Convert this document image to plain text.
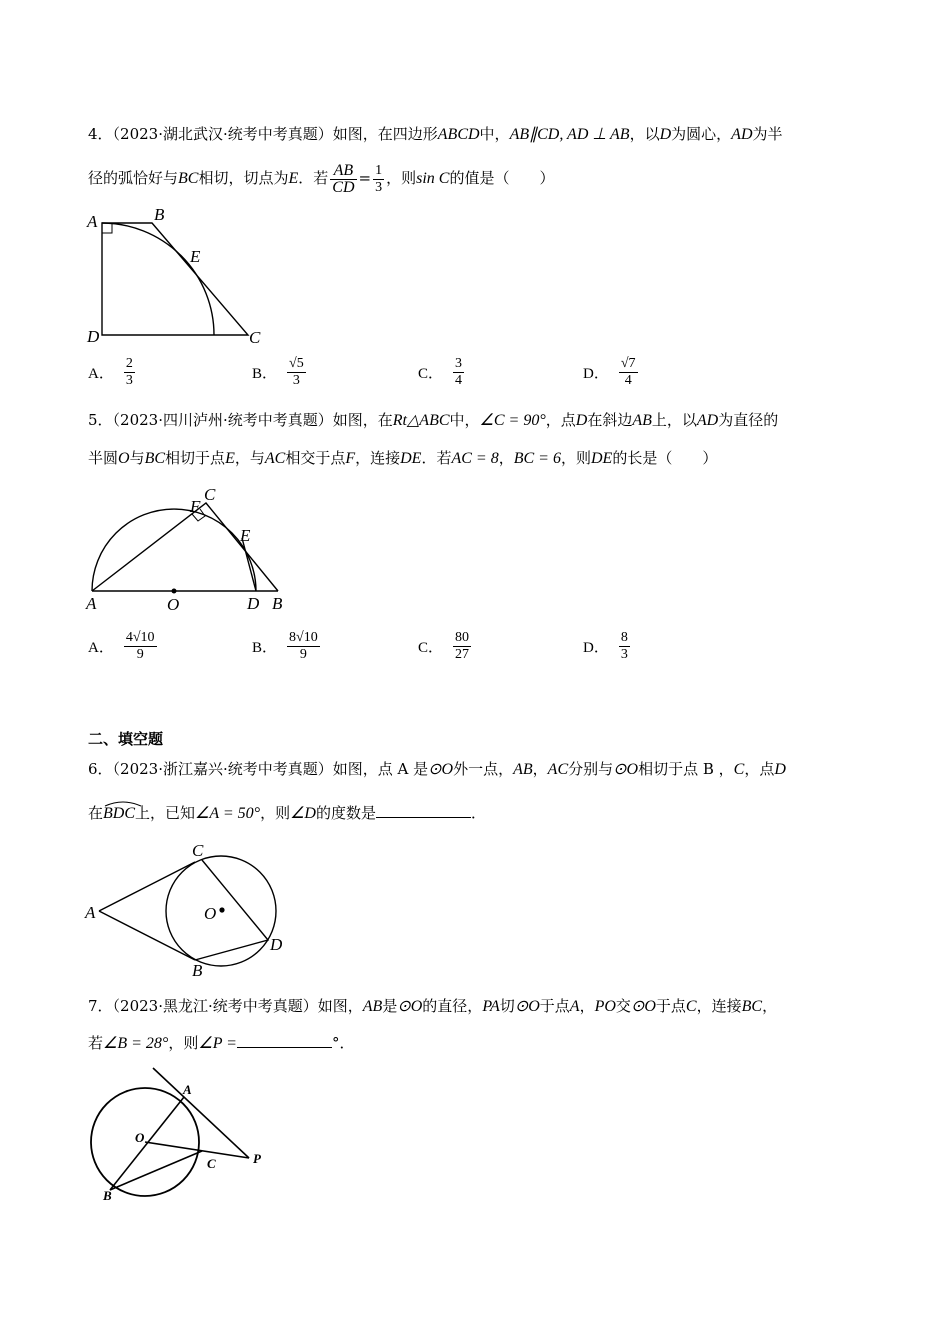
4．（2023·湖北武汉·统考中考真题）如图，在四边形ABCD中，AB∥CD, AD ⊥ AB，以D为圆心，AD为半
径的弧恰好与BC相切，切点为E．若 $\frac{AB}{CD} = \frac{1}{3}$ ，则sin C的值是（　　）
A	B
E
D	C
A． $\frac{2}{3}$	B． $\frac{√5}{3}$	C． $\frac{3}{4}$	D． $\frac{√7}{4}$
5．（2023·四川泸州·统考中考真题）如图，在Rt△ABC中，∠C = 90°，点D在斜边AB上，以AD为直径的
半圆O与BC相切于点E，与AC相交于点F，连接DE．若AC = 8，BC = 6，则DE的长是（　　）
A	O	D B
C
F
E
A． $\frac{4√10}{9}$	B． $\frac{8√10}{9}$	C． $\frac{80}{27}$	D． $\frac{8}{3}$
二、填空题
6．（2023·浙江嘉兴·统考中考真题）如图，点 A 是⊙O外一点，AB，AC分别与⊙O相切于点 B ，C，点D
在
BDC上，已知∠A = 50°，则∠D的度数是	．
A
C
O
D
B
7．（2023·黑龙江·统考中考真题）如图，AB是⊙O的直径，PA切⊙O于点A，PO交⊙O于点C，连接BC，
若∠B = 28°，则∠P =	°．
A
O
C	P
B
